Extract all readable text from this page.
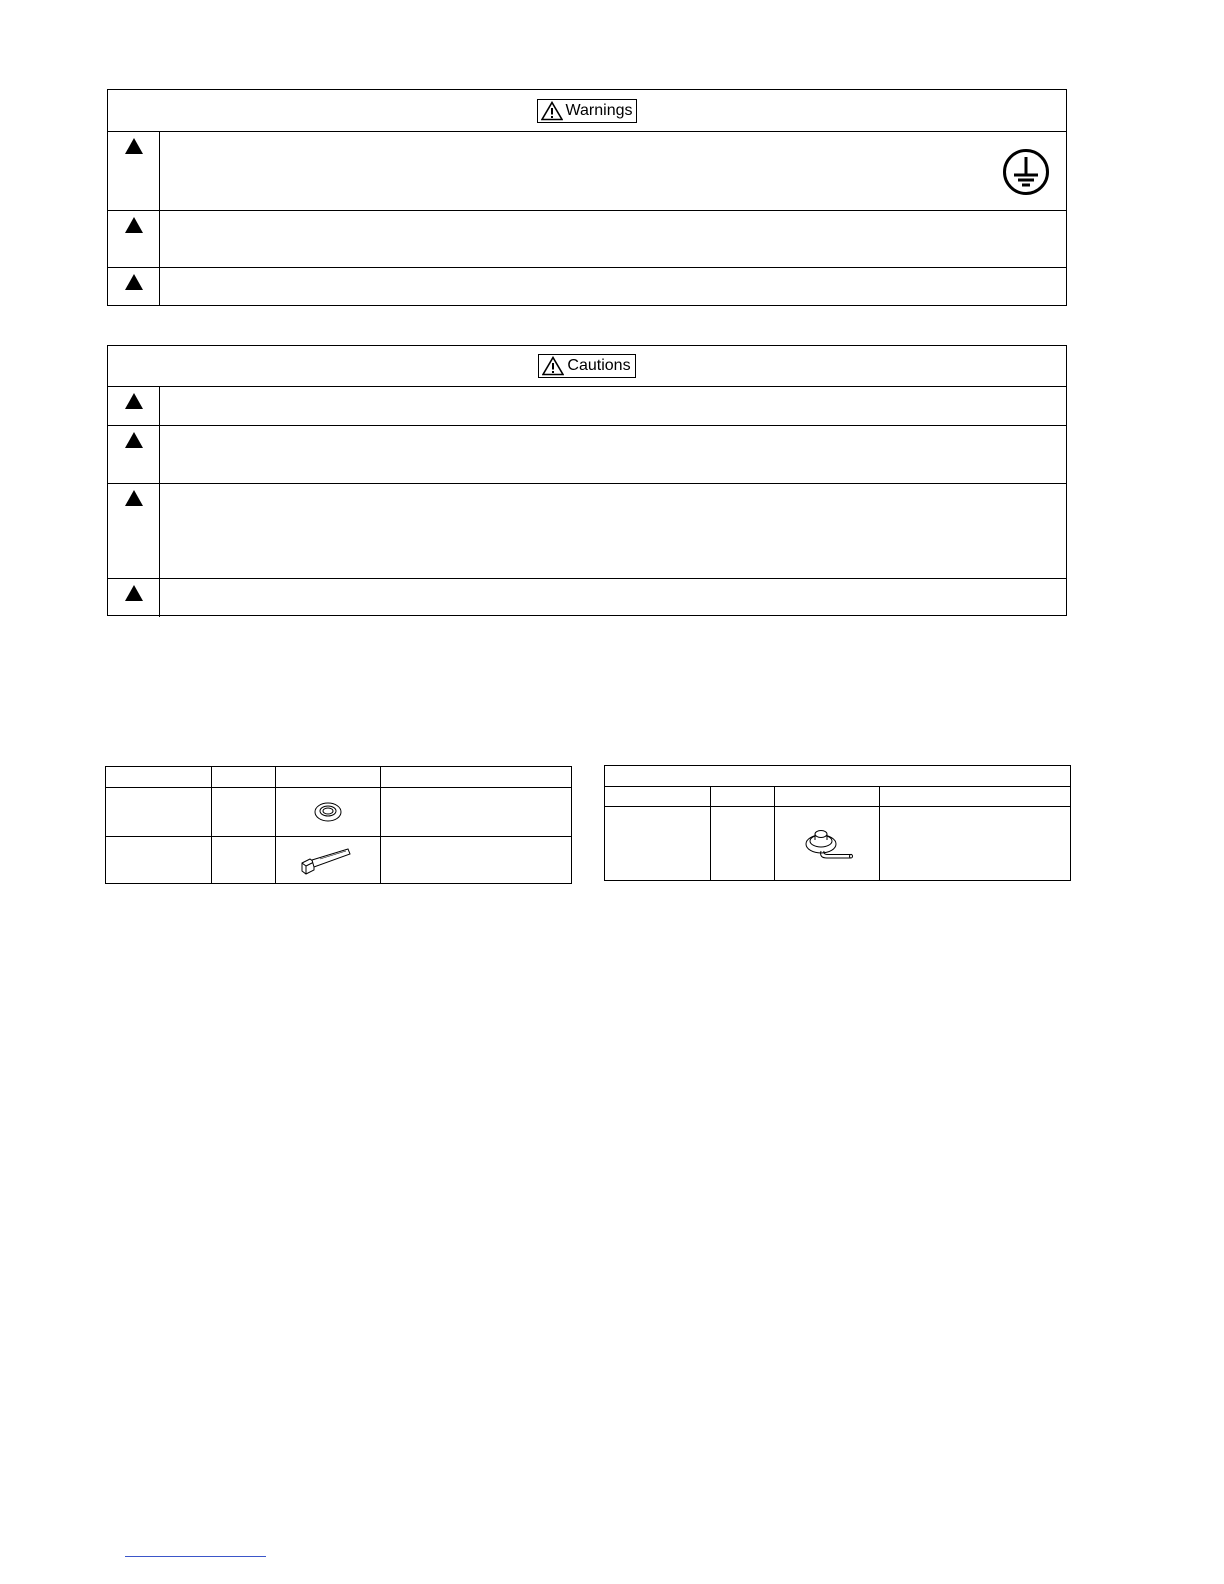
Warnings
Cautions
